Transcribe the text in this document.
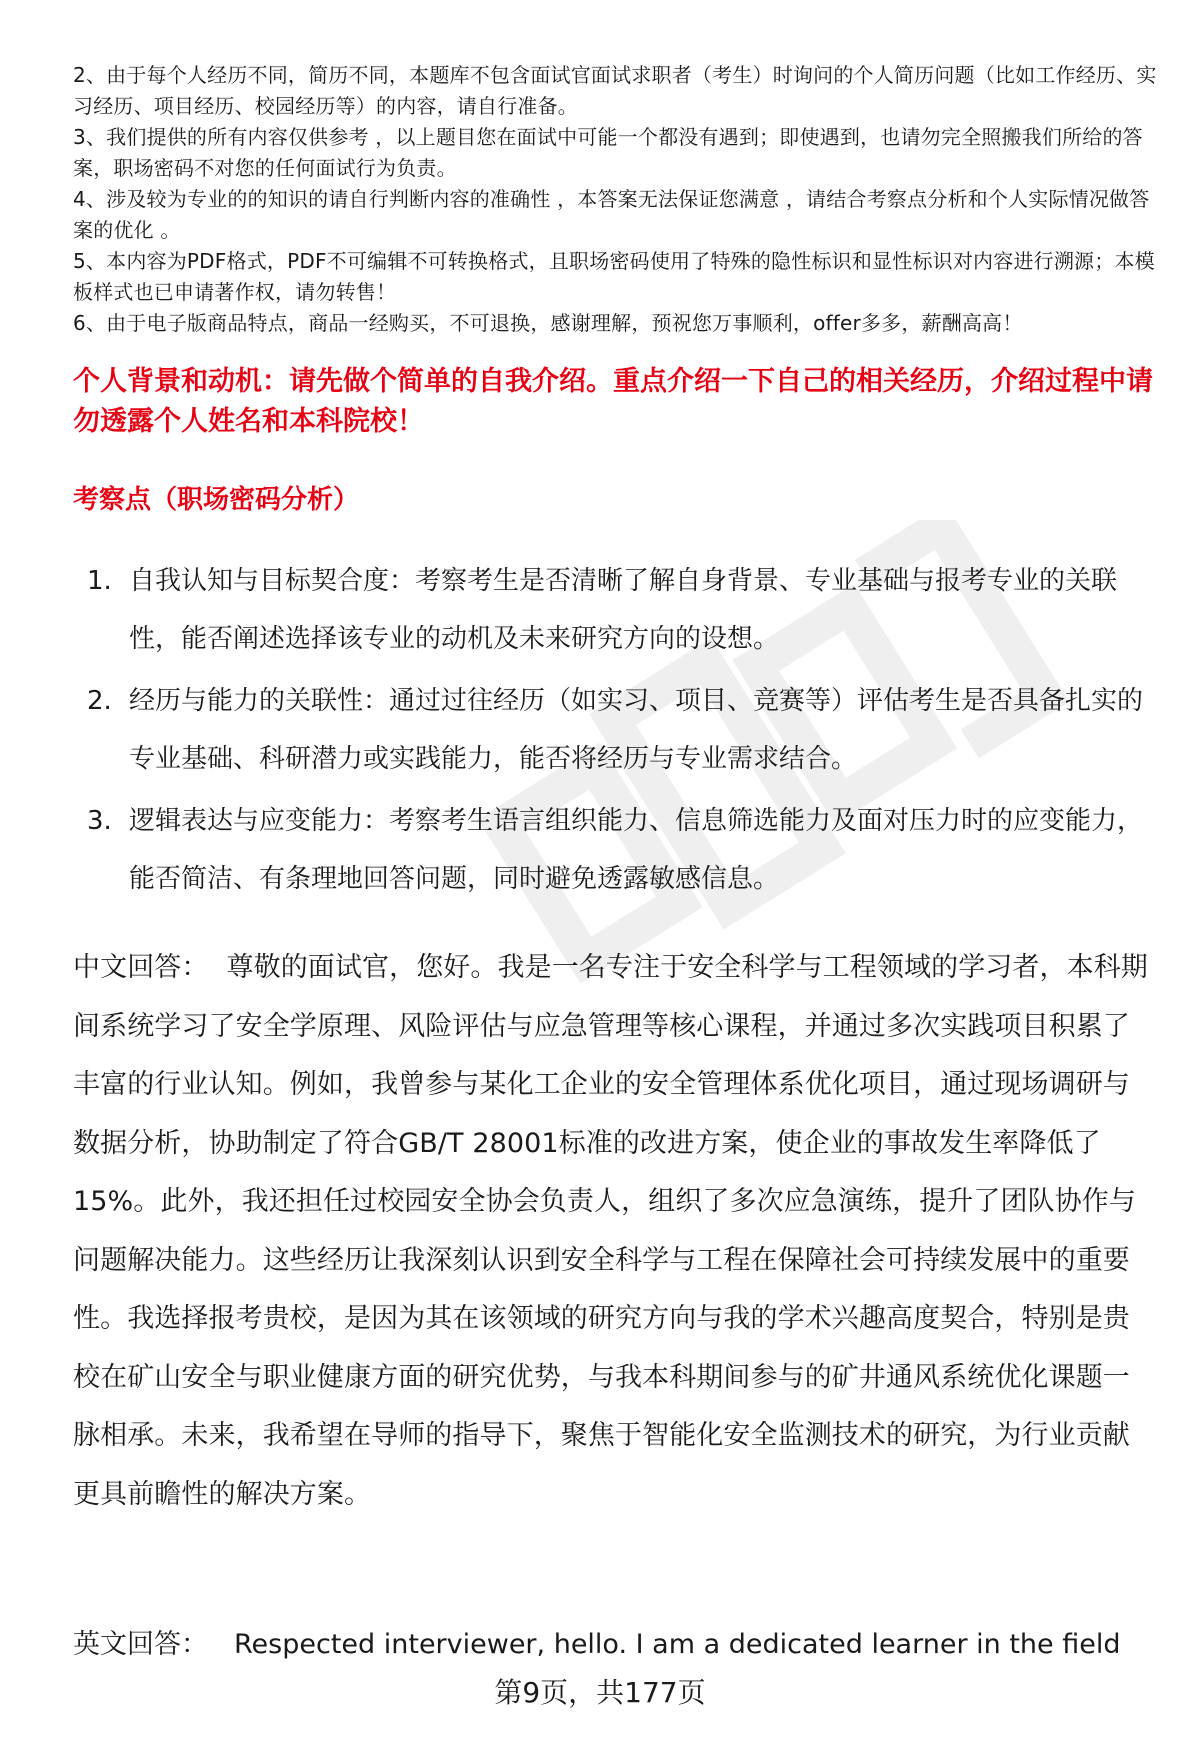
2、由于每个人经历不同，简历不同，本题库不包含面试官面试求职者（考生）时询问的个人简历问题（比如工作经历、实习经历、项目经历、校园经历等）的内容，请自行准备。

3、我们提供的所有内容仅供参考 ，以上题目您在面试中可能一个都没有遇到；即使遇到，也请勿完全照搬我们所给的答案，职场密码不对您的任何面试行为负责。

4、涉及较为专业的的知识的请自行判断内容的准确性 ，本答案无法保证您满意 ，请结合考察点分析和个人实际情况做答案的优化 。

5、本内容为PDF格式，PDF不可编辑不可转换格式，且职场密码使用了特殊的隐性标识和显性标识对内容进行溯源；本模板样式也已申请著作权，请勿转售！

6、由于电子版商品特点，商品一经购买，不可退换，感谢理解，预祝您万事顺利，offer多多，薪酬高高！

个人背景和动机：请先做个简单的自我介绍。重点介绍一下自己的相关经历，介绍过程中请勿透露个人姓名和本科院校！
考察点（职场密码分析）
1. 自我认知与目标契合度：考察考生是否清晰了解自身背景、专业基础与报考专业的关联性，能否阐述选择该专业的动机及未来研究方向的设想。
2. 经历与能力的关联性：通过过往经历（如实习、项目、竞赛等）评估考生是否具备扎实的专业基础、科研潜力或实践能力，能否将经历与专业需求结合。
3. 逻辑表达与应变能力：考察考生语言组织能力、信息筛选能力及面对压力时的应变能力，能否简洁、有条理地回答问题，同时避免透露敏感信息。

中文回答： 尊敬的面试官，您好。我是一名专注于安全科学与工程领域的学习者，本科期间系统学习了安全学原理、风险评估与应急管理等核心课程，并通过多次实践项目积累了丰富的行业认知。例如，我曾参与某化工企业的安全管理体系优化项目，通过现场调研与数据分析，协助制定了符合GB/T 28001标准的改进方案，使企业的事故发生率降低了15%。此外，我还担任过校园安全协会负责人，组织了多次应急演练，提升了团队协作与问题解决能力。这些经历让我深刻认识到安全科学与工程在保障社会可持续发展中的重要性。我选择报考贵校，是因为其在该领域的研究方向与我的学术兴趣高度契合，特别是贵校在矿山安全与职业健康方面的研究优势，与我本科期间参与的矿井通风系统优化课题一脉相承。未来，我希望在导师的指导下，聚焦于智能化安全监测技术的研究，为行业贡献更具前瞻性的解决方案。

英文回答： Respected interviewer, hello. I am a dedicated learner in the field

第9页，共177页
